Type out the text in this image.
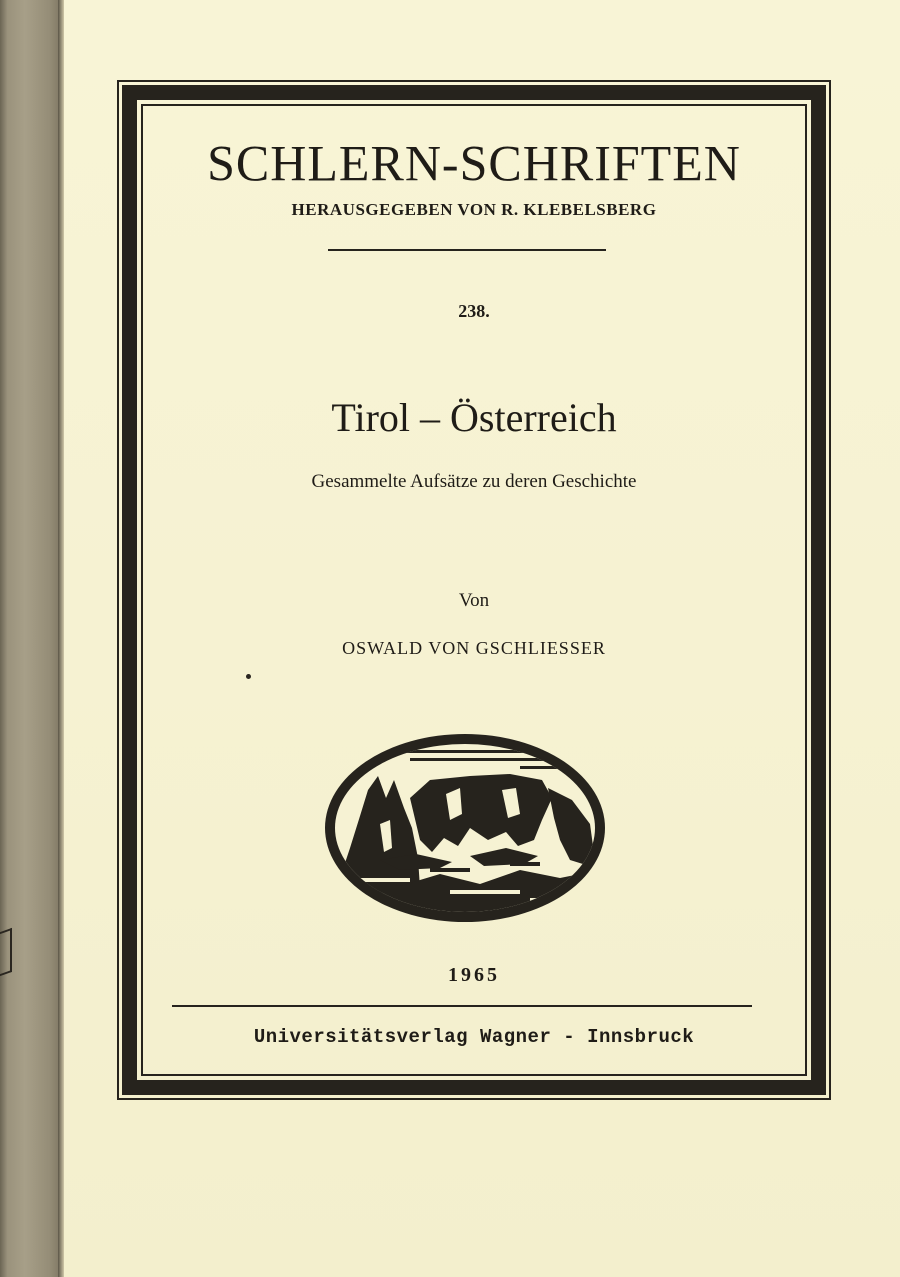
SCHLERN-SCHRIFTEN
HERAUSGEGEBEN VON R. KLEBELSBERG
238.
Tirol – Österreich
Gesammelte Aufsätze zu deren Geschichte
Von
OSWALD VON GSCHLIESSER
1965
Universitätsverlag Wagner - Innsbruck
